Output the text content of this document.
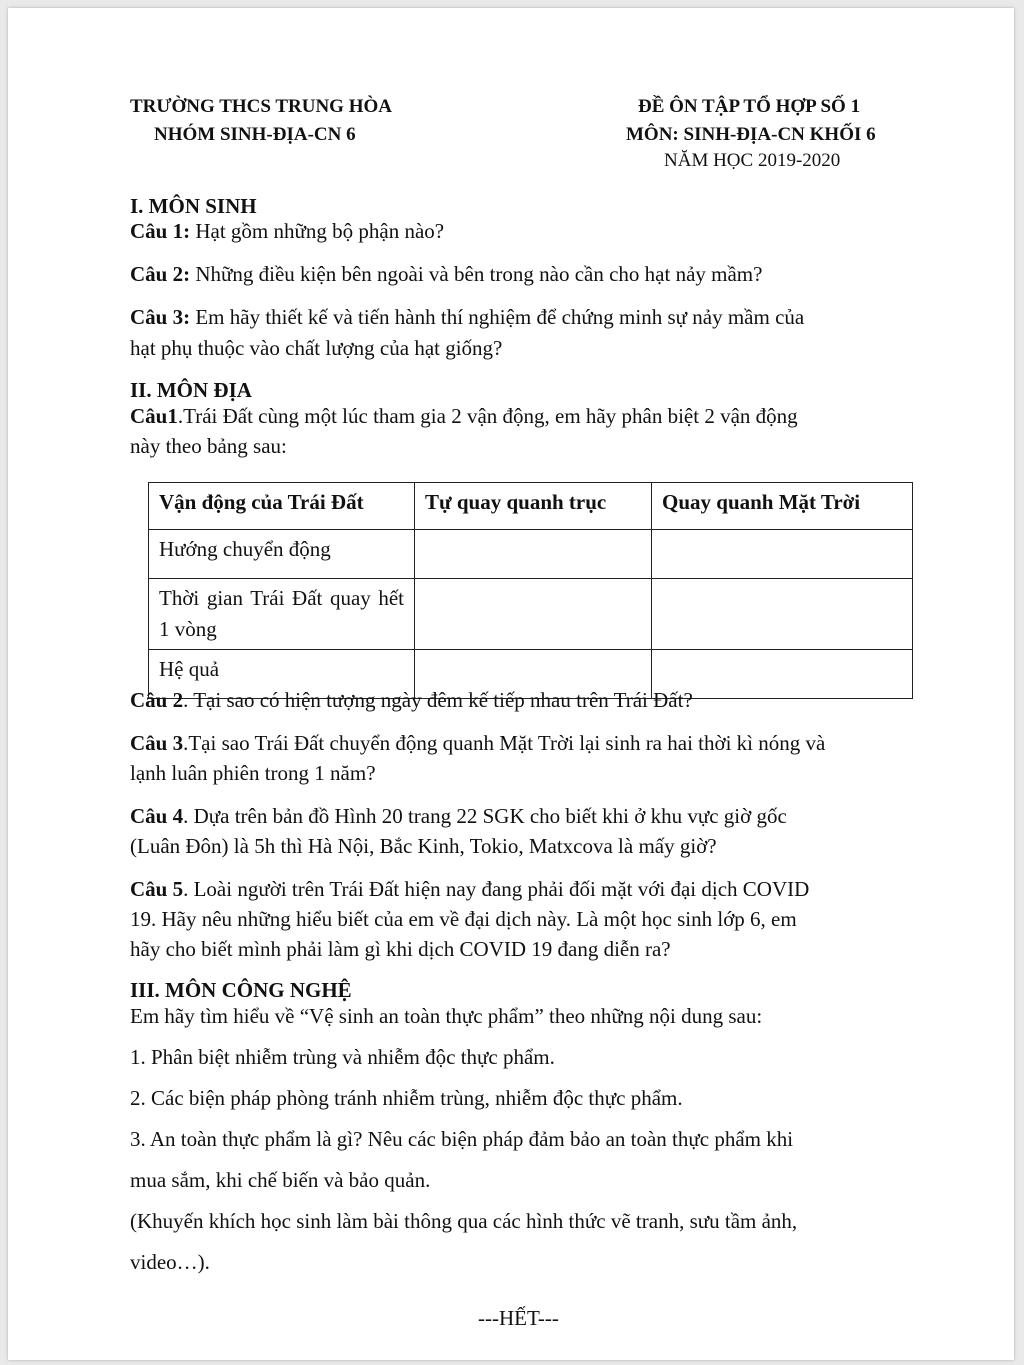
TRƯỜNG THCS TRUNG HÒA
NHÓM SINH-ĐỊA-CN 6
ĐỀ ÔN TẬP TỔ HỢP SỐ 1
MÔN: SINH-ĐỊA-CN KHỐI 6
NĂM HỌC 2019-2020
I. MÔN SINH
Câu 1: Hạt gồm những bộ phận nào?
Câu 2: Những điều kiện bên ngoài và bên trong nào cần cho hạt nảy mầm?
Câu 3: Em hãy thiết kế và tiến hành thí nghiệm để chứng minh sự nảy mầm của
hạt phụ thuộc vào chất lượng của hạt giống?
II. MÔN ĐỊA
Câu1.Trái Đất cùng một lúc tham gia 2 vận động, em hãy phân biệt 2 vận động
này theo bảng sau:
Vận động của Trái Đất	Tự quay quanh trục	Quay quanh Mặt Trời
Hướng chuyển động		
Thời gian Trái Đất quay hết 1 vòng		
Hệ quả		
Câu 2. Tại sao có hiện tượng ngày đêm kế tiếp nhau trên Trái Đất?
Câu 3.Tại sao Trái Đất chuyển động quanh Mặt Trời lại sinh ra hai thời kì nóng và
lạnh luân phiên trong 1 năm?
Câu 4. Dựa trên bản đồ Hình 20 trang 22 SGK cho biết khi ở khu vực giờ gốc
(Luân Đôn) là 5h thì Hà Nội, Bắc Kinh, Tokio, Matxcova là mấy giờ?
Câu 5. Loài người trên Trái Đất hiện nay đang phải đối mặt với đại dịch COVID
19. Hãy nêu những hiểu biết của em về đại dịch này. Là một học sinh lớp 6, em
hãy cho biết mình phải làm gì khi dịch COVID 19 đang diễn ra?
III. MÔN CÔNG NGHỆ
Em hãy tìm hiểu về “Vệ sinh an toàn thực phẩm” theo những nội dung sau:
1. Phân biệt nhiễm trùng và nhiễm độc thực phẩm.
2. Các biện pháp phòng tránh nhiễm trùng, nhiễm độc thực phẩm.
3. An toàn thực phẩm là gì? Nêu các biện pháp đảm bảo an toàn thực phẩm khi
mua sắm, khi chế biến và bảo quản.
(Khuyến khích học sinh làm bài thông qua các hình thức vẽ tranh, sưu tầm ảnh,
video…).
---HẾT---
